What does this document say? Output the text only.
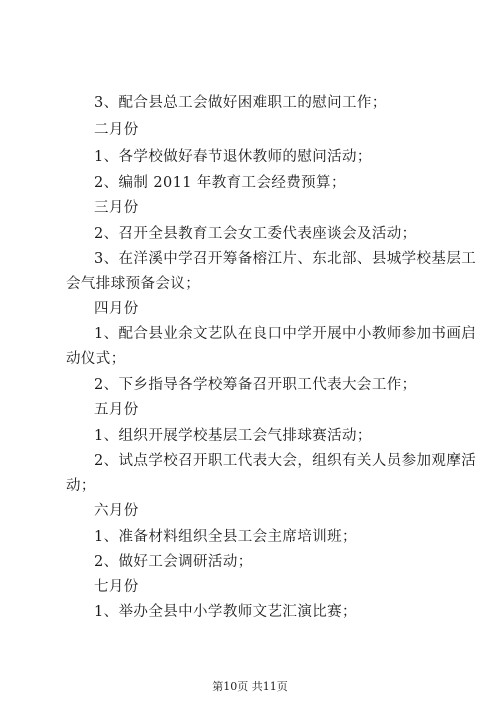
3、配合县总工会做好困难职工的慰问工作；
二月份
1、各学校做好春节退休教师的慰问活动；
2、编制 2011 年教育工会经费预算；
三月份
2、召开全县教育工会女工委代表座谈会及活动；
3、在洋溪中学召开筹备榕江片、东北部、县城学校基层工
会气排球预备会议；
四月份
1、配合县业余文艺队在良口中学开展中小教师参加书画启
动仪式；
2、下乡指导各学校筹备召开职工代表大会工作；
五月份
1、组织开展学校基层工会气排球赛活动；
2、试点学校召开职工代表大会，组织有关人员参加观摩活
动；
六月份
1、准备材料组织全县工会主席培训班；
2、做好工会调研活动；
七月份
1、举办全县中小学教师文艺汇演比赛；
第10页 共11页
